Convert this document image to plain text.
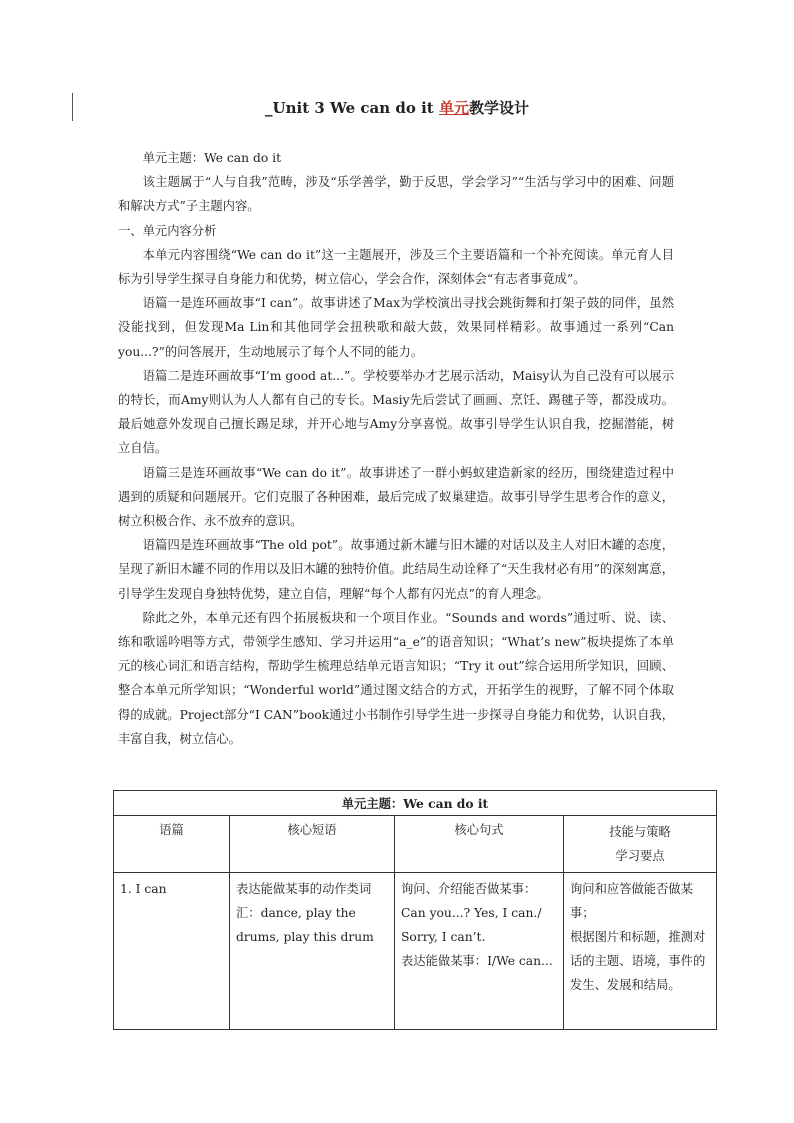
_Unit 3 We can do it 单元教学设计

单元主题：We can do it

该主题属于“人与自我”范畴，涉及“乐学善学，勤于反思，学会学习”“生活与学习中的困难、问题和解决方式”子主题内容。

一、单元内容分析

本单元内容围绕“We can do it”这一主题展开，涉及三个主要语篇和一个补充阅读。单元育人目标为引导学生探寻自身能力和优势，树立信心，学会合作，深刻体会“有志者事竟成”。

语篇一是连环画故事“I can”。故事讲述了Max为学校演出寻找会跳街舞和打架子鼓的同伴，虽然没能找到，但发现Ma Lin和其他同学会扭秧歌和敲大鼓，效果同样精彩。故事通过一系列“Can you...?”的问答展开，生动地展示了每个人不同的能力。

语篇二是连环画故事“I’m good at...”。学校要举办才艺展示活动，Maisy认为自己没有可以展示的特长，而Amy则认为人人都有自己的专长。Masiy先后尝试了画画、烹饪、踢毽子等，都没成功。最后她意外发现自己擅长踢足球，并开心地与Amy分享喜悦。故事引导学生认识自我，挖掘潜能，树立自信。

语篇三是连环画故事“We can do it”。故事讲述了一群小蚂蚁建造新家的经历，围绕建造过程中遇到的质疑和问题展开。它们克服了各种困难，最后完成了蚁巢建造。故事引导学生思考合作的意义，树立积极合作、永不放弃的意识。

语篇四是连环画故事“The old pot”。故事通过新木罐与旧木罐的对话以及主人对旧木罐的态度，呈现了新旧木罐不同的作用以及旧木罐的独特价值。此结局生动诠释了“天生我材必有用”的深刻寓意，引导学生发现自身独特优势，建立自信，理解“每个人都有闪光点”的育人理念。

除此之外，本单元还有四个拓展板块和一个项目作业。“Sounds and words”通过听、说、读、练和歌谣吟唱等方式，带领学生感知、学习并运用“a_e”的语音知识；“What’s new”板块提炼了本单元的核心词汇和语言结构，帮助学生梳理总结单元语言知识；“Try it out”综合运用所学知识，回顾、整合本单元所学知识；“Wonderful world”通过图文结合的方式，开拓学生的视野，了解不同个体取得的成就。Project部分“I CAN”book通过小书制作引导学生进一步探寻自身能力和优势，认识自我，丰富自我，树立信心。

单元主题：We can do it			
语篇	核心短语	核心句式	技能与策略
学习要点
1. I can	表达能做某事的动作类词汇：dance, play the drums, play this drum	询问、介绍能否做某事：
Can you...? Yes, I can./ Sorry, I can’t.
表达能做某事：I/We can...	询问和应答做能否做某事；
根据图片和标题，推测对话的主题、语境，事件的发生、发展和结局。
